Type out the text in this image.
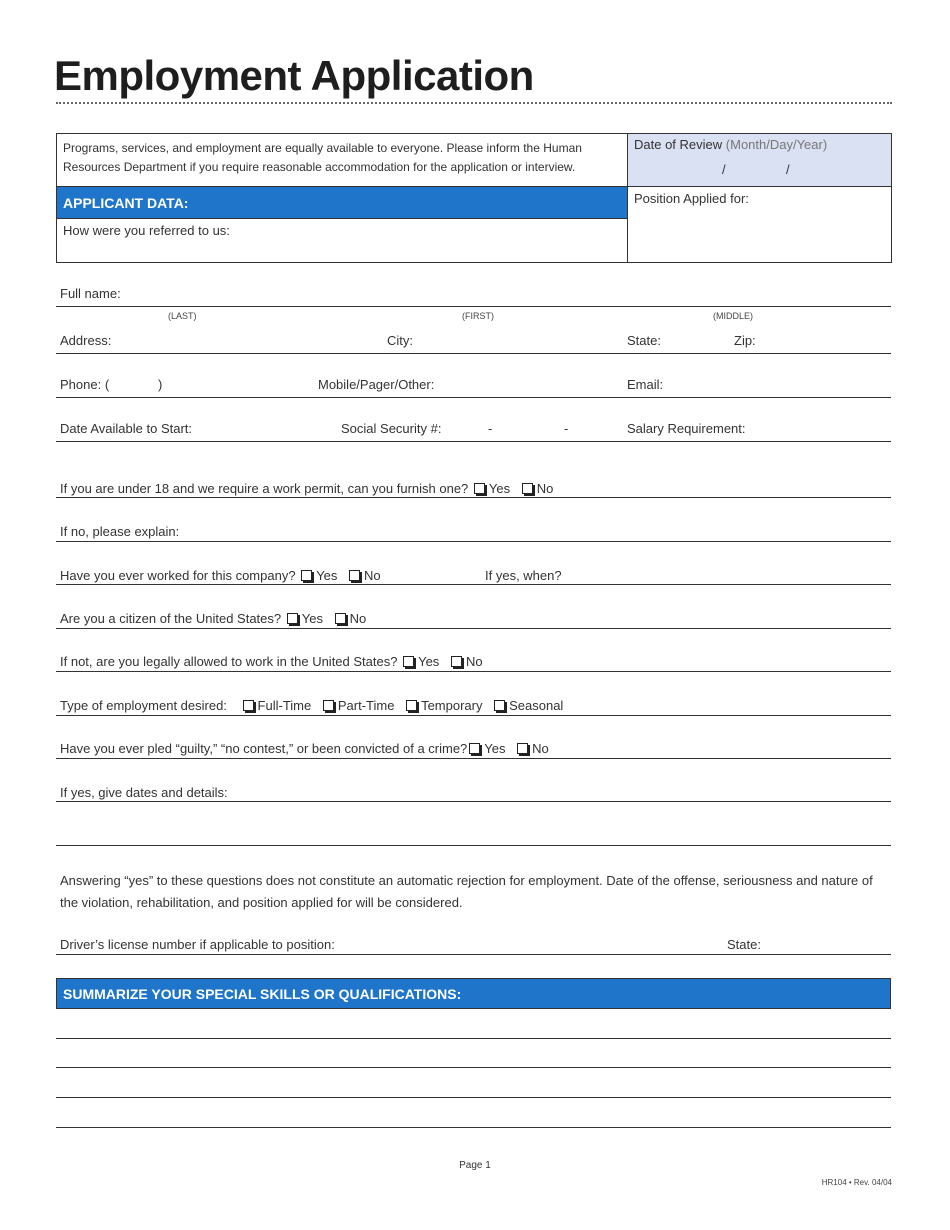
Employment Application
Programs, services, and employment are equally available to everyone. Please inform the Human Resources Department if you require reasonable accommodation for the application or interview.
Date of Review (Month/Day/Year)
/	/
APPLICANT DATA:
How were you referred to us:
Position Applied for:
Full name:
(LAST)	(FIRST)	(MIDDLE)
Address:	City:	State:	Zip:
Phone: (	)	Mobile/Pager/Other:	Email:
Date Available to Start:	Social Security #:	-	-	Salary Requirement:
If you are under 18 and we require a work permit, can you furnish one? Yes No
If no, please explain:
Have you ever worked for this company? Yes No	If yes, when?
Are you a citizen of the United States? Yes No
If not, are you legally allowed to work in the United States? Yes No
Type of employment desired: Full-Time Part-Time Temporary Seasonal
Have you ever pled “guilty,” “no contest,” or been convicted of a crime? Yes No
If yes, give dates and details:
Answering “yes” to these questions does not constitute an automatic rejection for employment. Date of the offense, seriousness and nature of the violation, rehabilitation, and position applied for will be considered.
Driver’s license number if applicable to position:	State:
SUMMARIZE YOUR SPECIAL SKILLS OR QUALIFICATIONS:
Page 1
HR104 • Rev. 04/04
